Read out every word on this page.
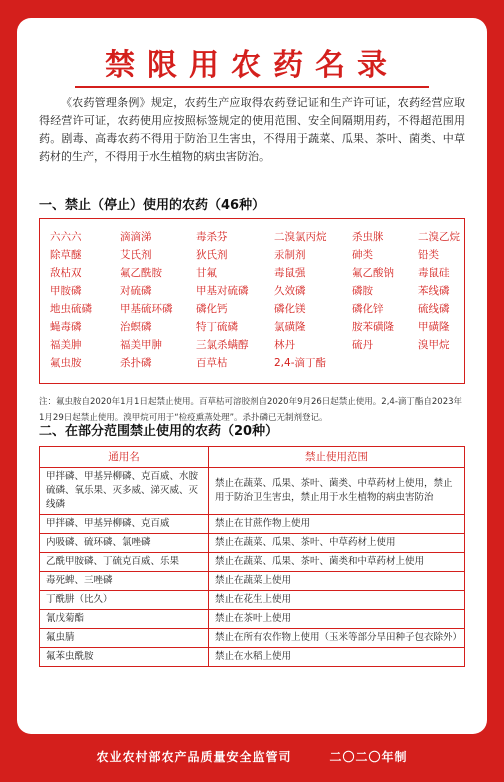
禁限用农药名录
《农药管理条例》规定，农药生产应取得农药登记证和生产许可证，农药经营应取得经营许可证，农药使用应按照标签规定的使用范围、安全间隔期用药，不得超范围用药。剧毒、高毒农药不得用于防治卫生害虫，不得用于蔬菜、瓜果、茶叶、菌类、中草药材的生产，不得用于水生植物的病虫害防治。
一、禁止（停止）使用的农药（46种）
六六六	滴滴涕	毒杀芬	二溴氯丙烷	杀虫脒	二溴乙烷
除草醚	艾氏剂	狄氏剂	汞制剂	砷类	铅类
敌枯双	氟乙酰胺	甘氟	毒鼠强	氟乙酸钠	毒鼠硅
甲胺磷	对硫磷	甲基对硫磷	久效磷	磷胺	苯线磷
地虫硫磷	甲基硫环磷	磷化钙	磷化镁	磷化锌	硫线磷
蝇毒磷	治螟磷	特丁硫磷	氯磺隆	胺苯磺隆	甲磺隆
福美胂	福美甲胂	三氯杀螨醇	林丹	硫丹	溴甲烷
氟虫胺	杀扑磷	百草枯	2,4-滴丁酯
注：氟虫胺自2020年1月1日起禁止使用。百草枯可溶胶剂自2020年9月26日起禁止使用。2,4-滴丁酯自2023年1月29日起禁止使用。溴甲烷可用于“检疫熏蒸处理”。杀扑磷已无制剂登记。
二、在部分范围禁止使用的农药（20种）
通用名	禁止使用范围
甲拌磷、甲基异柳磷、克百威、水胺硫磷、氧乐果、灭多威、涕灭威、灭线磷	禁止在蔬菜、瓜果、茶叶、菌类、中草药材上使用，禁止用于防治卫生害虫，禁止用于水生植物的病虫害防治
甲拌磷、甲基异柳磷、克百威	禁止在甘蔗作物上使用
内吸磷、硫环磷、氯唑磷	禁止在蔬菜、瓜果、茶叶、中草药材上使用
乙酰甲胺磷、丁硫克百威、乐果	禁止在蔬菜、瓜果、茶叶、菌类和中草药材上使用
毒死蜱、三唑磷	禁止在蔬菜上使用
丁酰肼（比久）	禁止在花生上使用
氰戊菊酯	禁止在茶叶上使用
氟虫腈	禁止在所有农作物上使用（玉米等部分旱田种子包衣除外）
氟苯虫酰胺	禁止在水稻上使用
农业农村部农产品质量安全监管司	二〇二〇年制
